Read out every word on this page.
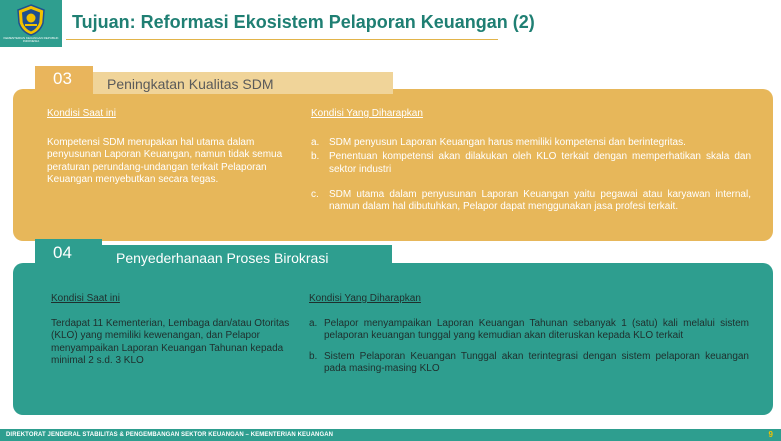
KEMENTERIAN KEUANGAN REPUBLIK INDONESIA
Tujuan: Reformasi Ekosistem Pelaporan Keuangan (2)
03	Peningkatan Kualitas SDM
Kondisi Saat ini
Kompetensi SDM merupakan hal utama dalam penyusunan Laporan Keuangan, namun tidak semua peraturan perundang-undangan terkait Pelaporan Keuangan menyebutkan secara tegas.
Kondisi Yang Diharapkan
a. SDM penyusun Laporan Keuangan harus memiliki kompetensi dan berintegritas.
b. Penentuan kompetensi akan dilakukan oleh KLO terkait dengan memperhatikan skala dan sektor industri
c. SDM utama dalam penyusunan Laporan Keuangan yaitu pegawai atau karyawan internal, namun dalam hal dibutuhkan, Pelapor dapat menggunakan jasa profesi terkait.
04	Penyederhanaan Proses Birokrasi
Kondisi Saat ini
Terdapat 11 Kementerian, Lembaga dan/atau Otoritas (KLO) yang memiliki kewenangan, dan Pelapor menyampaikan Laporan Keuangan Tahunan kepada minimal 2 s.d. 3 KLO
Kondisi Yang Diharapkan
a. Pelapor menyampaikan Laporan Keuangan Tahunan sebanyak 1 (satu) kali melalui sistem pelaporan keuangan tunggal yang kemudian akan diteruskan kepada KLO terkait
b. Sistem Pelaporan Keuangan Tunggal akan terintegrasi dengan sistem pelaporan keuangan pada masing-masing KLO
DIREKTORAT JENDERAL STABILITAS & PENGEMBANGAN SEKTOR KEUANGAN – KEMENTERIAN KEUANGAN	9
